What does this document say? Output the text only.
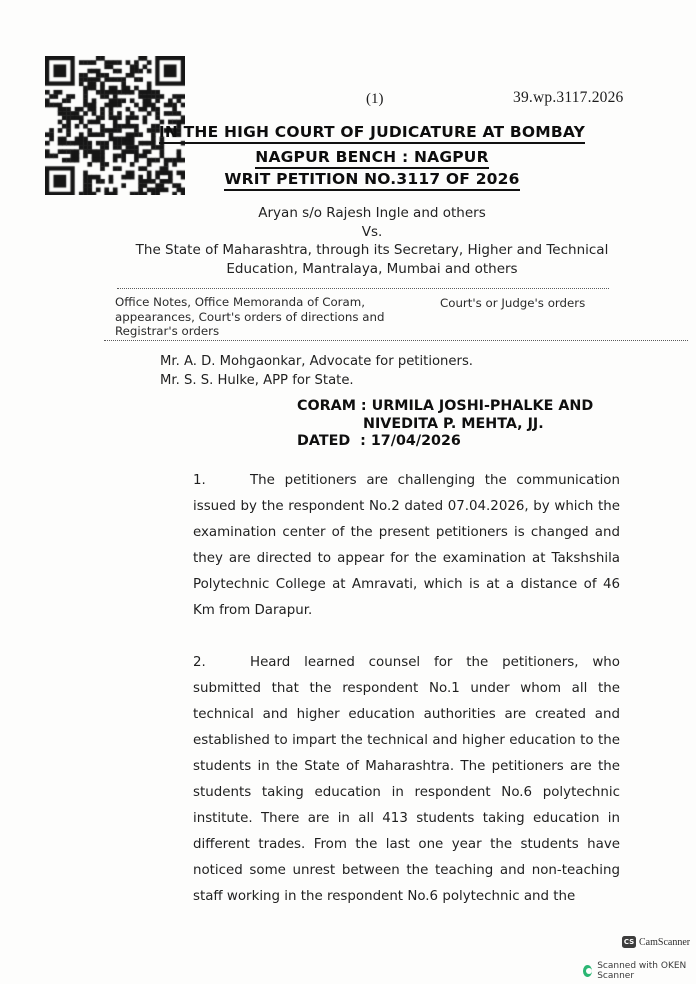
(1)	39.wp.3117.2026
IN THE HIGH COURT OF JUDICATURE AT BOMBAY
NAGPUR BENCH : NAGPUR
WRIT PETITION NO.3117 OF 2026
Aryan s/o Rajesh Ingle and others
Vs.
The State of Maharashtra, through its Secretary, Higher and Technical
Education, Mantralaya, Mumbai and others
Office Notes, Office Memoranda of Coram, appearances, Court's orders of directions and Registrar's orders
Court's or Judge's orders
Mr. A. D. Mohgaonkar, Advocate for petitioners.
Mr. S. S. Hulke, APP for State.
CORAM : URMILA JOSHI-PHALKE AND
NIVEDITA P. MEHTA, JJ.
DATED  : 17/04/2026

1.	The petitioners are challenging the communication issued by the respondent No.2 dated 07.04.2026, by which the examination center of the present petitioners is changed and they are directed to appear for the examination at Takshshila Polytechnic College at Amravati, which is at a distance of 46 Km from Darapur.

2.	Heard learned counsel for the petitioners, who submitted that the respondent No.1 under whom all the technical and higher education authorities are created and established to impart the technical and higher education to the students in the State of Maharashtra. The petitioners are the students taking education in respondent No.6 polytechnic institute. There are in all 413 students taking education in different trades. From the last one year the students have noticed some unrest between the teaching and non-teaching staff working in the respondent No.6 polytechnic and the

CS CamScanner
Scanned with OKEN Scanner
